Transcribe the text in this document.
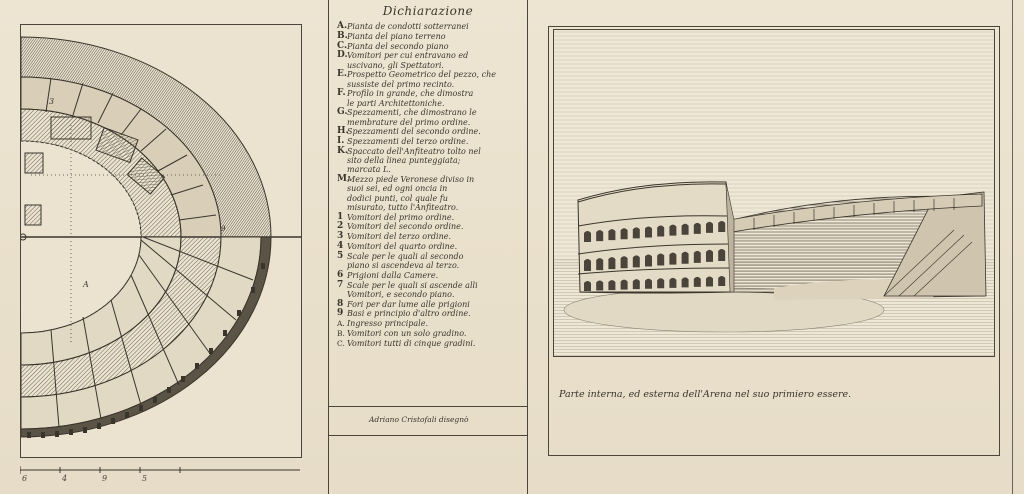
3
A
9
6	4	9	5
Dichiarazione
A. Pianta de condotti sotterranei
B. Pianta del piano terreno
C. Pianta del secondo piano
D. Vomitori per cui entravano ed
uscivano, gli Spettatori.
E. Prospetto Geometrico del pezzo, che
sussiste del primo recinto.
F. Profilo in grande, che dimostra
le parti Architettoniche.
G. Spezzamenti, che dimostrano le
membrature del primo ordine.
H.
Spezzamenti del secondo ordine.
I. Spezzamenti del terzo ordine.
K. Spaccato dell'Anfiteatro tolto nel
sito della linea punteggiata;
marcata L.
M.
Mezzo piede Veronese diviso in
suoi sei, ed ogni oncia in
dodici punti, col quale fu
misurato, tutto l'Anfiteatro.
1 Vomitori del primo ordine.
2 Vomitori del secondo ordine.
3 Vomitori del terzo ordine.
4 Vomitori del quarto ordine.
5 Scale per le quali al secondo
piano si ascendeva al terzo.
6 Prigioni dalla Camere.
7 Scale per le quali si ascende alli
Vomitori, e secondo piano.
8 Fori per dar lume alle prigioni
9 Basi e principio d'altro ordine.
A. Ingresso principale.
B. Vomitori con un solo gradino.
C. Vomitori tutti di cinque gradini.
Adriano Cristofali disegnò
Parte interna, ed esterna dell'Arena nel suo primiero essere.
